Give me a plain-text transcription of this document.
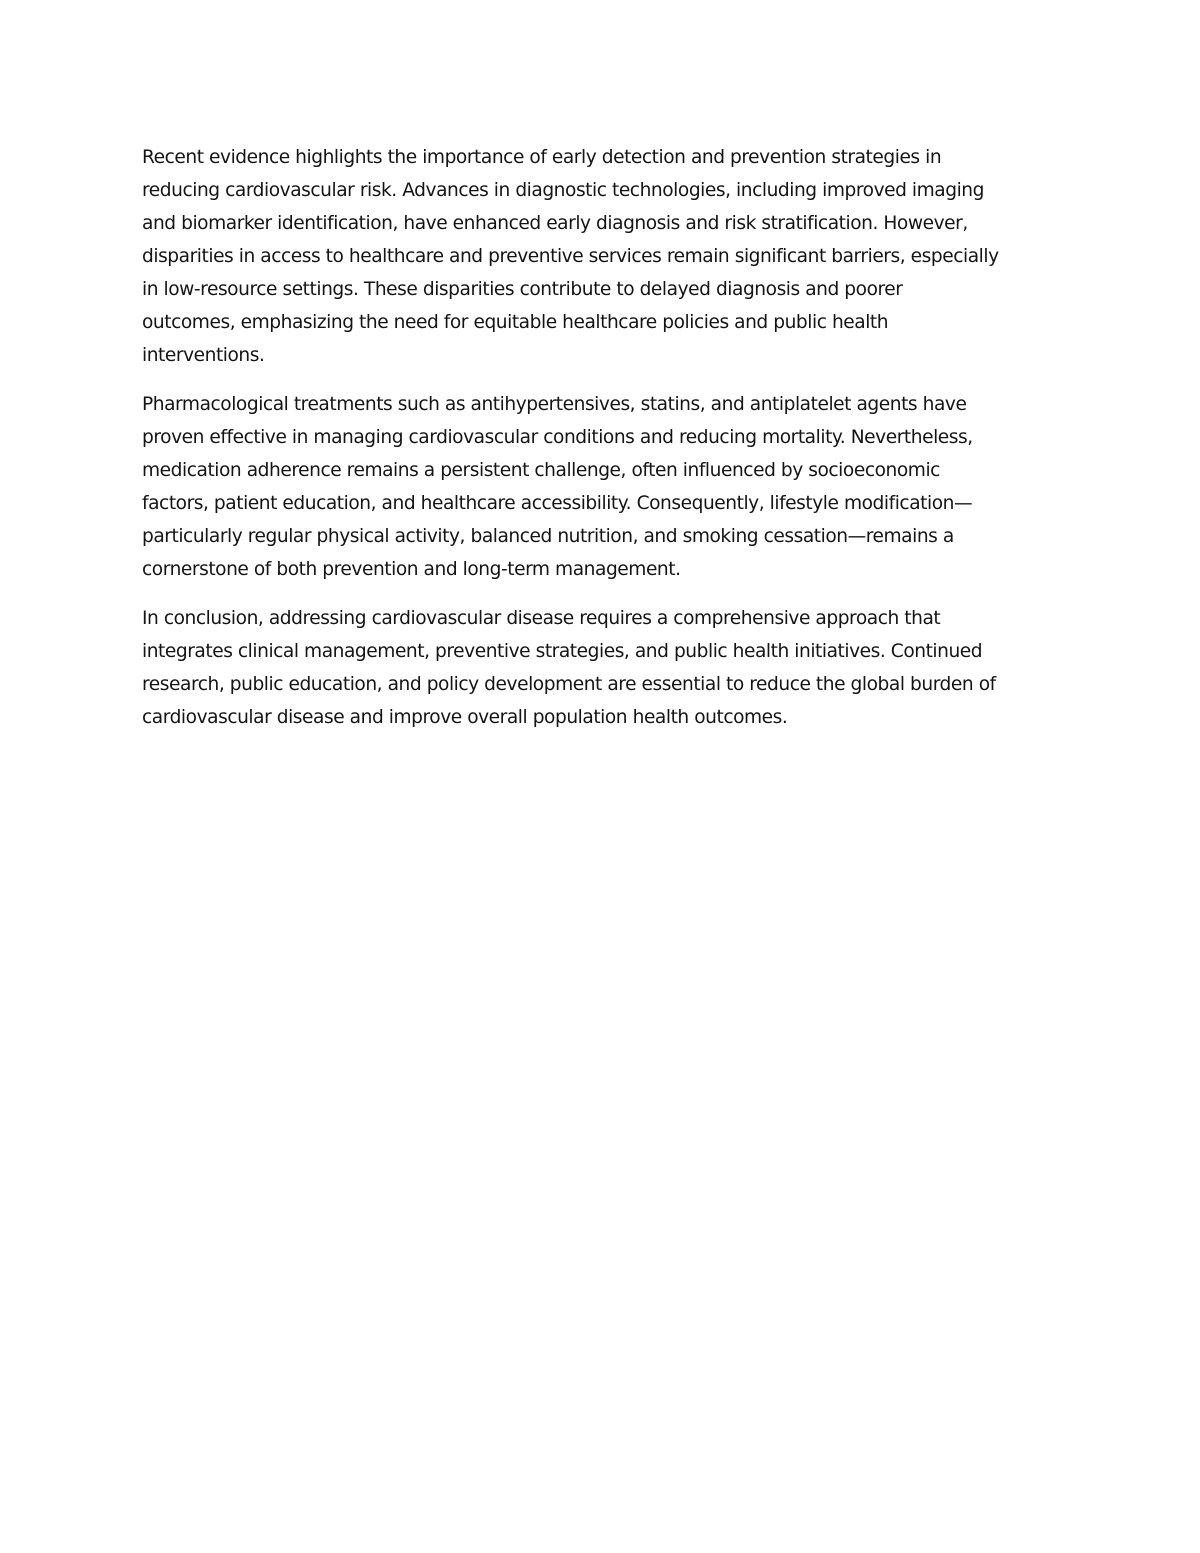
Recent evidence highlights the importance of early detection and prevention strategies in
reducing cardiovascular risk. Advances in diagnostic technologies, including improved imaging
and biomarker identification, have enhanced early diagnosis and risk stratification. However,
disparities in access to healthcare and preventive services remain significant barriers, especially
in low-resource settings. These disparities contribute to delayed diagnosis and poorer
outcomes, emphasizing the need for equitable healthcare policies and public health
interventions.

Pharmacological treatments such as antihypertensives, statins, and antiplatelet agents have
proven effective in managing cardiovascular conditions and reducing mortality. Nevertheless,
medication adherence remains a persistent challenge, often influenced by socioeconomic
factors, patient education, and healthcare accessibility. Consequently, lifestyle modification—
particularly regular physical activity, balanced nutrition, and smoking cessation—remains a
cornerstone of both prevention and long-term management.

In conclusion, addressing cardiovascular disease requires a comprehensive approach that
integrates clinical management, preventive strategies, and public health initiatives. Continued
research, public education, and policy development are essential to reduce the global burden of
cardiovascular disease and improve overall population health outcomes.
